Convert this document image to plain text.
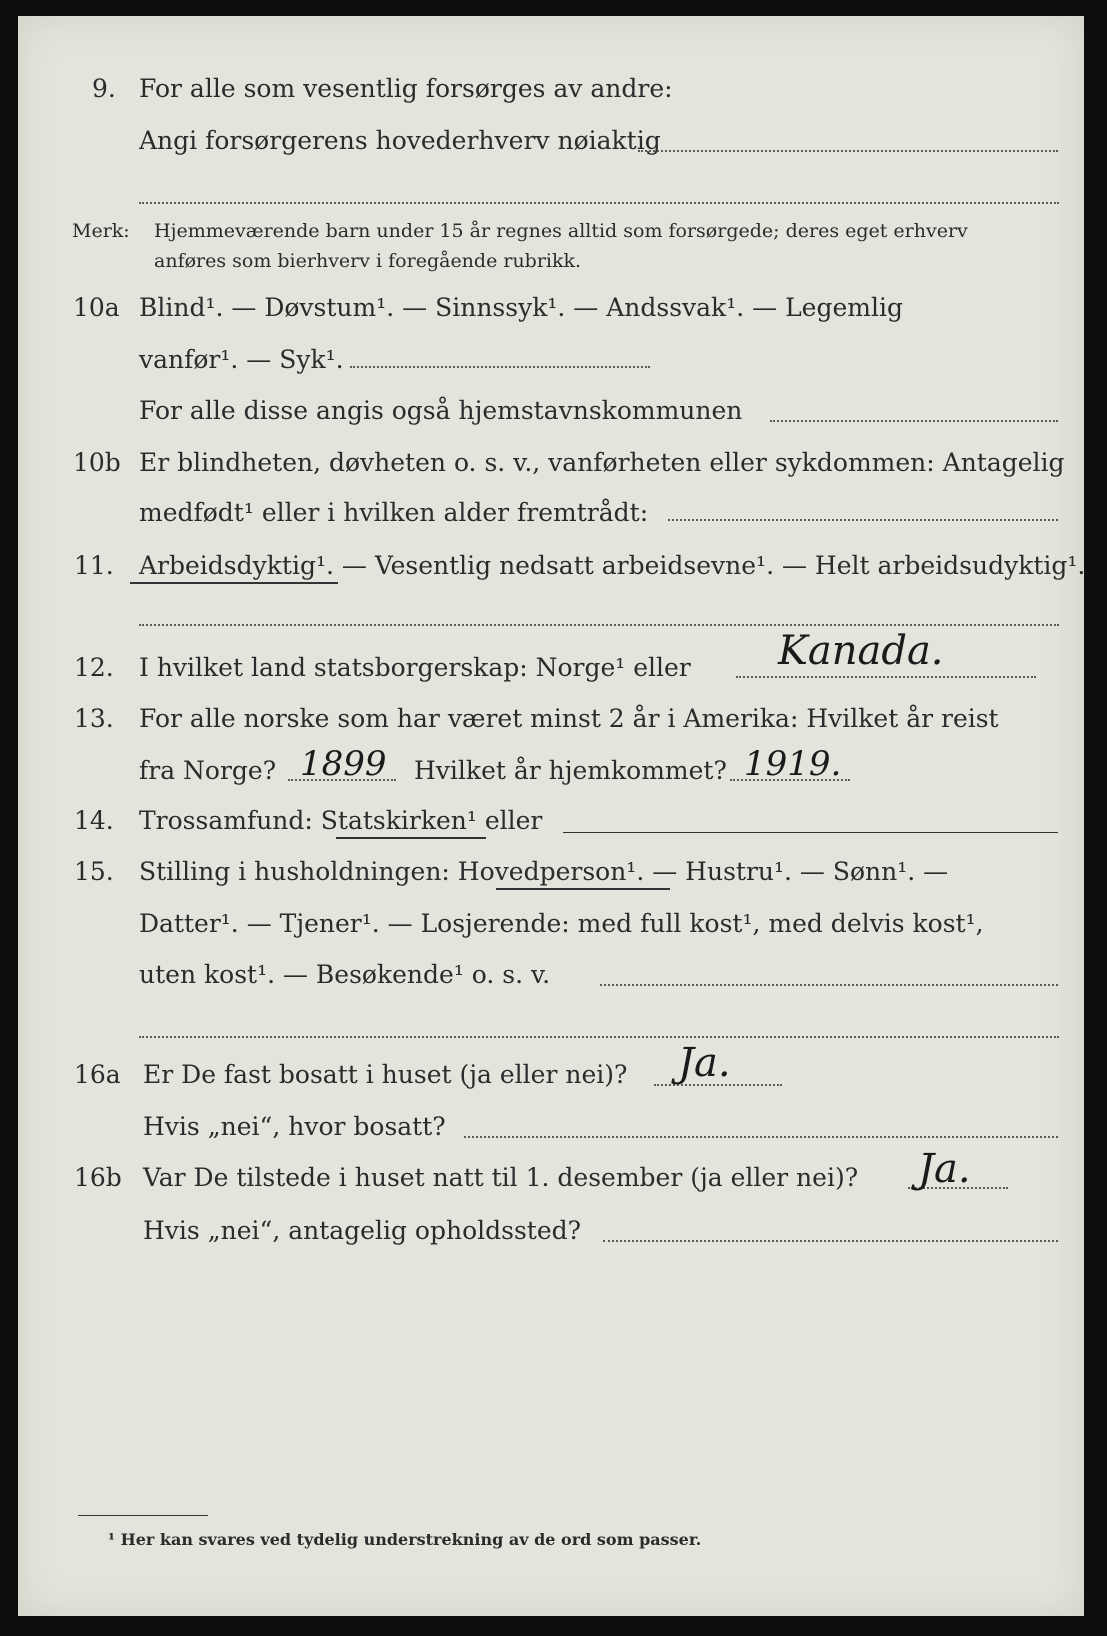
9. For alle som vesentlig forsørges av andre:
Angi forsørgerens hovederhverv nøiaktig
Merk: Hjemmeværende barn under 15 år regnes alltid som forsørgede; deres eget erhverv
anføres som bierhverv i foregående rubrikk.
10a Blind¹. — Døvstum¹. — Sinnssyk¹. — Andssvak¹. — Legemlig
vanfør¹. — Syk¹.
For alle disse angis også hjemstavnskommunen
10b Er blindheten, døvheten o. s. v., vanførheten eller sykdommen: Antagelig
medfødt¹ eller i hvilken alder fremtrådt:
11. Arbeidsdyktig¹. — Vesentlig nedsatt arbeidsevne¹. — Helt arbeidsudyktig¹.
12. I hvilket land statsborgerskap: Norge¹ eller Kanada.
13. For alle norske som har været minst 2 år i Amerika: Hvilket år reist
fra Norge? 1899 Hvilket år hjemkommet? 1919.
14. Trossamfund: Statskirken¹ eller
15. Stilling i husholdningen: Hovedperson¹. — Hustru¹. — Sønn¹. —
Datter¹. — Tjener¹. — Losjerende: med full kost¹, med delvis kost¹,
uten kost¹. — Besøkende¹ o. s. v.
16a Er De fast bosatt i huset (ja eller nei)? Ja.
Hvis „nei“, hvor bosatt?
16b Var De tilstede i huset natt til 1. desember (ja eller nei)? Ja.
Hvis „nei“, antagelig opholdssted?
¹ Her kan svares ved tydelig understrekning av de ord som passer.
